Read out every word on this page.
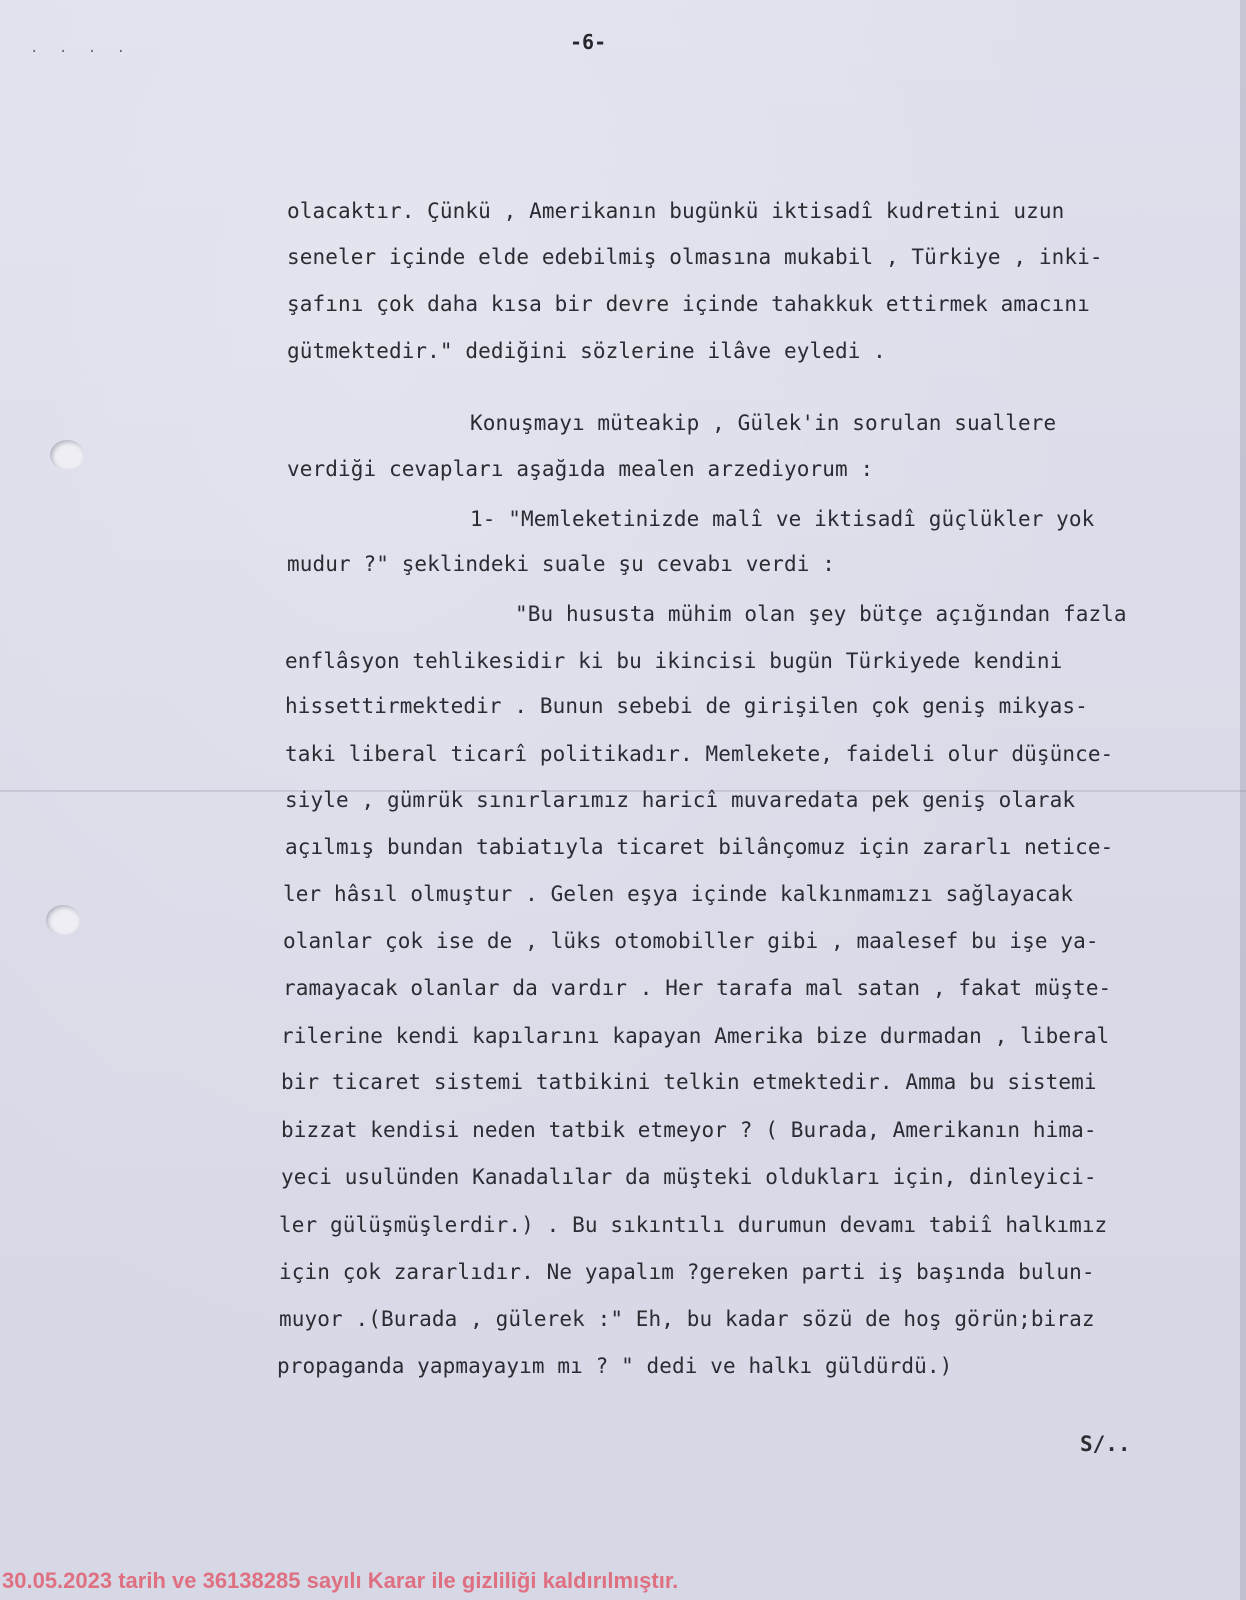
· · · ·	-6-
olacaktır. Çünkü , Amerikanın bugünkü iktisadî kudretini uzun
seneler içinde elde edebilmiş olmasına mukabil , Türkiye , inki-
şafını çok daha kısa bir devre içinde tahakkuk ettirmek amacını
gütmektedir." dediğini sözlerine ilâve eyledi .
Konuşmayı müteakip , Gülek'in sorulan suallere
verdiği cevapları aşağıda mealen arzediyorum :
1- "Memleketinizde malî ve iktisadî güçlükler yok
mudur ?" şeklindeki suale şu cevabı verdi :
"Bu hususta mühim olan şey bütçe açığından fazla
enflâsyon tehlikesidir ki bu ikincisi bugün Türkiyede kendini
hissettirmektedir . Bunun sebebi de girişilen çok geniş mikyas-
taki liberal ticarî politikadır. Memlekete, faideli olur düşünce-
siyle , gümrük sınırlarımız haricî muvaredata pek geniş olarak
açılmış bundan tabiatıyla ticaret bilânçomuz için zararlı netice-
ler hâsıl olmuştur . Gelen eşya içinde kalkınmamızı sağlayacak
olanlar çok ise de , lüks otomobiller gibi , maalesef bu işe ya-
ramayacak olanlar da vardır . Her tarafa mal satan , fakat müşte-
rilerine kendi kapılarını kapayan Amerika bize durmadan , liberal
bir ticaret sistemi tatbikini telkin etmektedir. Amma bu sistemi
bizzat kendisi neden tatbik etmeyor ? ( Burada, Amerikanın hima-
yeci usulünden Kanadalılar da müşteki oldukları için, dinleyici-
ler gülüşmüşlerdir.) . Bu sıkıntılı durumun devamı tabiî halkımız
için çok zararlıdır. Ne yapalım ?gereken parti iş başında bulun-
muyor .(Burada , gülerek :" Eh, bu kadar sözü de hoş görün;biraz
propaganda yapmayayım mı ? " dedi ve halkı güldürdü.)
S/..
30.05.2023 tarih ve 36138285 sayılı Karar ile gizliliği kaldırılmıştır.
